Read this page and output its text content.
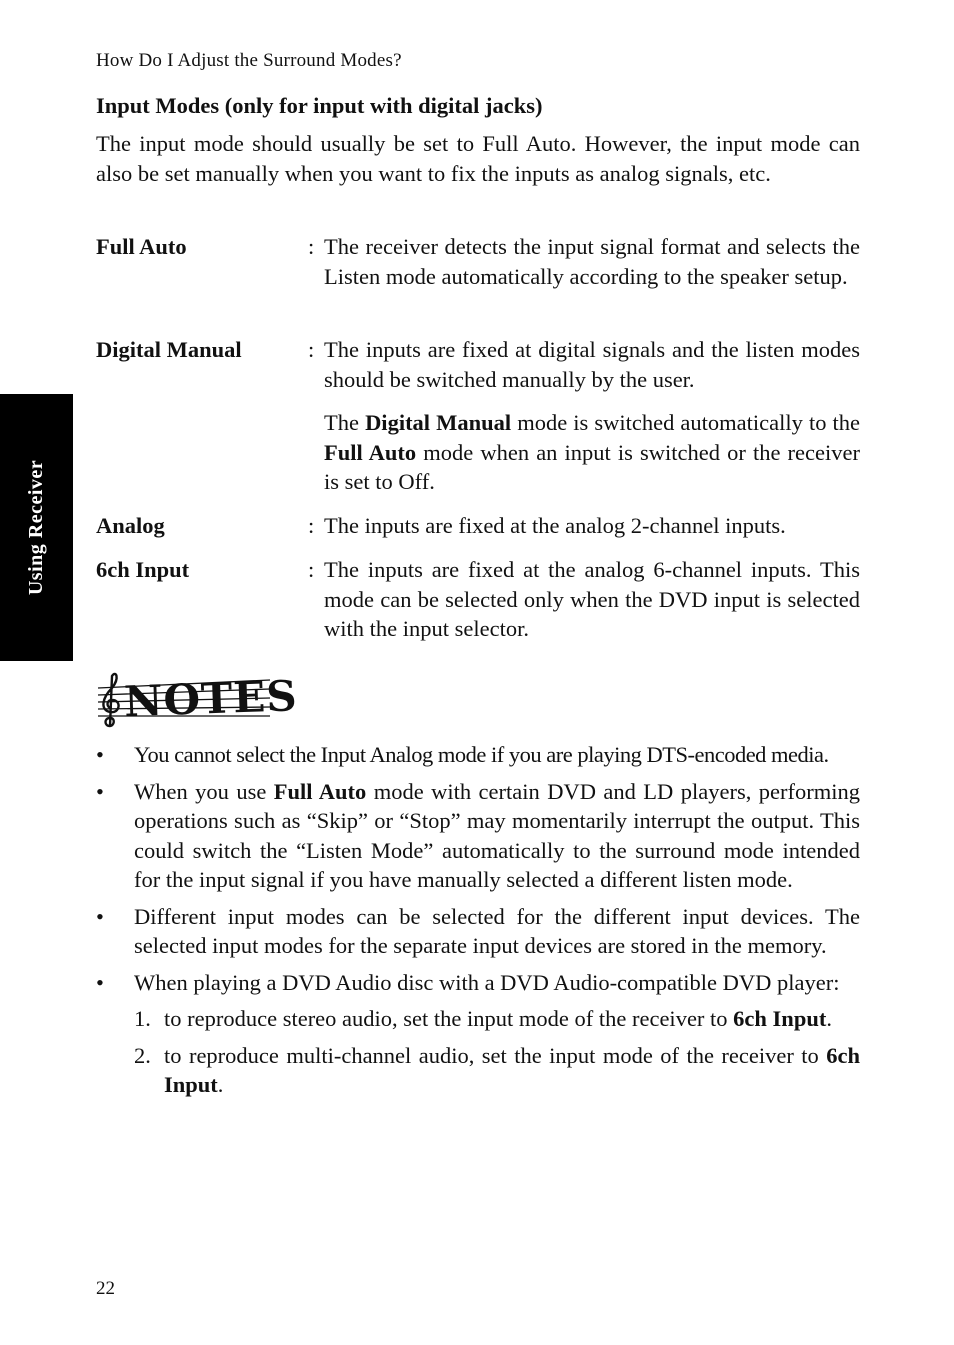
How Do I Adjust the Surround Modes?
Input Modes (only for input with digital jacks)
The input mode should usually be set to Full Auto. However, the input mode can also be set manually when you want to fix the inputs as analog signals, etc.
Full Auto	: The receiver detects the input signal format and selects the Listen mode automatically according to the speaker setup.
Digital Manual	: The inputs are fixed at digital signals and the listen modes should be switched manually by the user.
The Digital Manual mode is switched automatically to the Full Auto mode when an input is switched or the receiver is set to Off.
Analog	: The inputs are fixed at the analog 2-channel inputs.
6ch Input	: The inputs are fixed at the analog 6-channel inputs. This mode can be selected only when the DVD input is selected with the input selector.
Using Receiver
NOTES
• You cannot select the Input Analog mode if you are playing DTS-encoded media.
• When you use Full Auto mode with certain DVD and LD players, performing operations such as “Skip” or “Stop” may momentarily interrupt the output. This could switch the “Listen Mode” automatically to the surround mode intended for the input signal if you have manually selected a different listen mode.
• Different input modes can be selected for the different input devices. The selected input modes for the separate input devices are stored in the memory.
• When playing a DVD Audio disc with a DVD Audio-compatible DVD player:
1. to reproduce stereo audio, set the input mode of the receiver to 6ch Input.
2. to reproduce multi-channel audio, set the input mode of the receiver to 6ch Input.
22
